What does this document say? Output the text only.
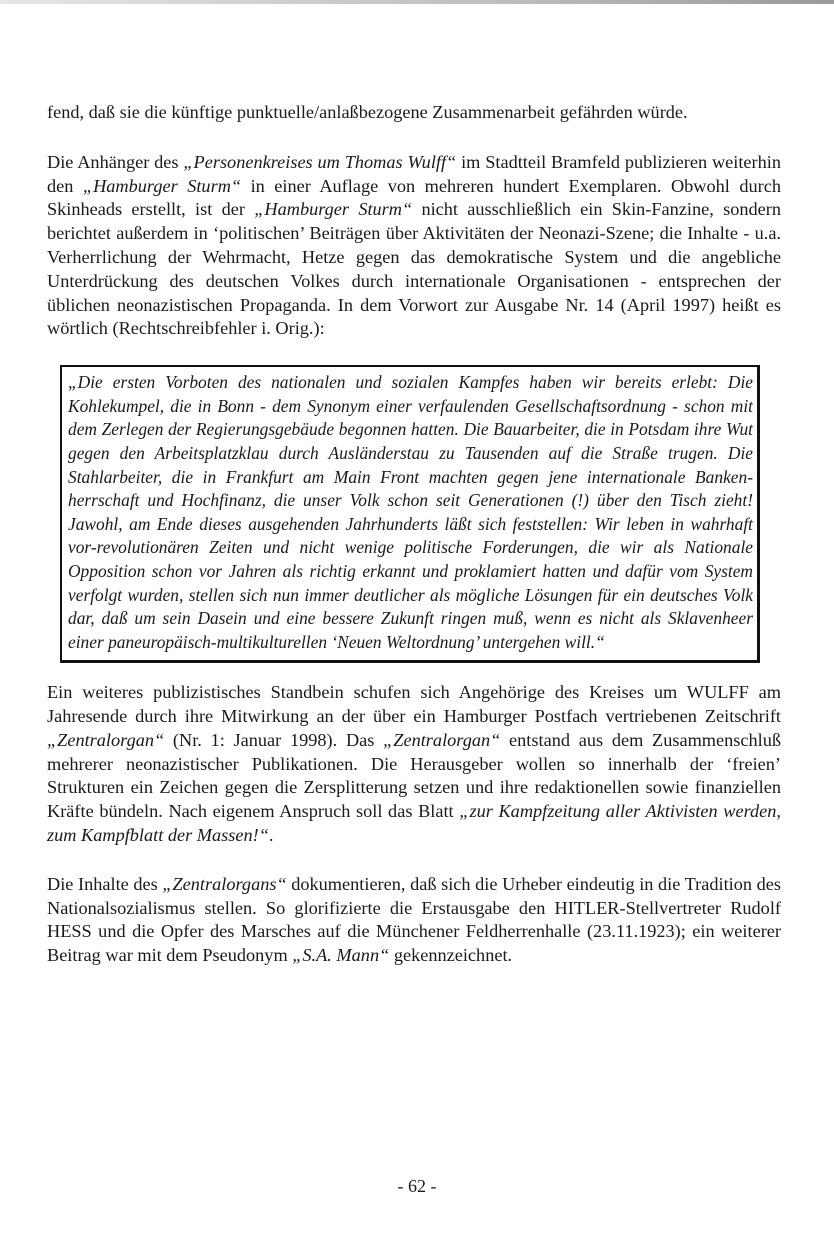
fend, daß sie die künftige punktuelle/anlaßbezogene Zusammenarbeit gefährden würde.

Die Anhänger des „Personenkreises um Thomas Wulff“ im Stadtteil Bramfeld publizieren weiterhin den „Hamburger Sturm“ in einer Auflage von mehreren hundert Exemplaren. Obwohl durch Skinheads erstellt, ist der „Hamburger Sturm“ nicht ausschließlich ein Skin-Fanzine, sondern berichtet außerdem in ‘politischen’ Beiträgen über Aktivitäten der Neonazi-Szene; die Inhalte - u.a. Verherrlichung der Wehrmacht, Hetze gegen das demokratische System und die angebliche Unterdrückung des deutschen Volkes durch internationale Organisationen - entsprechen der üblichen neonazistischen Propaganda. In dem Vorwort zur Ausgabe Nr. 14 (April 1997) heißt es wörtlich (Rechtschreibfehler i. Orig.):

„Die ersten Vorboten des nationalen und sozialen Kampfes haben wir bereits erlebt: Die Kohlekumpel, die in Bonn - dem Synonym einer verfaulenden Gesellschaftsordnung - schon mit dem Zerlegen der Regierungsgebäude begonnen hatten. Die Bauarbeiter, die in Potsdam ihre Wut gegen den Arbeitsplatzklau durch Ausländerstau zu Tausenden auf die Straße trugen. Die Stahlarbeiter, die in Frankfurt am Main Front machten gegen jene internationale Bankenherrschaft und Hochfinanz, die unser Volk schon seit Generationen (!) über den Tisch zieht! Jawohl, am Ende dieses ausgehenden Jahrhunderts läßt sich feststellen: Wir leben in wahrhaft vor-revolutionären Zeiten und nicht wenige politische Forderungen, die wir als Nationale Opposition schon vor Jahren als richtig erkannt und proklamiert hatten und dafür vom System verfolgt wurden, stellen sich nun immer deutlicher als mögliche Lösungen für ein deutsches Volk dar, daß um sein Dasein und eine bessere Zukunft ringen muß, wenn es nicht als Sklavenheer einer paneuropäisch-multikulturellen ‘Neuen Weltordnung’ untergehen will.“

Ein weiteres publizistisches Standbein schufen sich Angehörige des Kreises um WULFF am Jahresende durch ihre Mitwirkung an der über ein Hamburger Postfach vertriebenen Zeitschrift „Zentralorgan“ (Nr. 1: Januar 1998). Das „Zentralorgan“ entstand aus dem Zusammenschluß mehrerer neonazistischer Publikationen. Die Herausgeber wollen so innerhalb der ‘freien’ Strukturen ein Zeichen gegen die Zersplitterung setzen und ihre redaktionellen sowie finanziellen Kräfte bündeln. Nach eigenem Anspruch soll das Blatt „zur Kampfzeitung aller Aktivisten werden, zum Kampfblatt der Massen!“.

Die Inhalte des „Zentralorgans“ dokumentieren, daß sich die Urheber eindeutig in die Tradition des Nationalsozialismus stellen. So glorifizierte die Erstausgabe den HITLER-Stellvertreter Rudolf HESS und die Opfer des Marsches auf die Münchener Feldherrenhalle (23.11.1923); ein weiterer Beitrag war mit dem Pseudonym „S.A. Mann“ gekennzeichnet.

- 62 -
